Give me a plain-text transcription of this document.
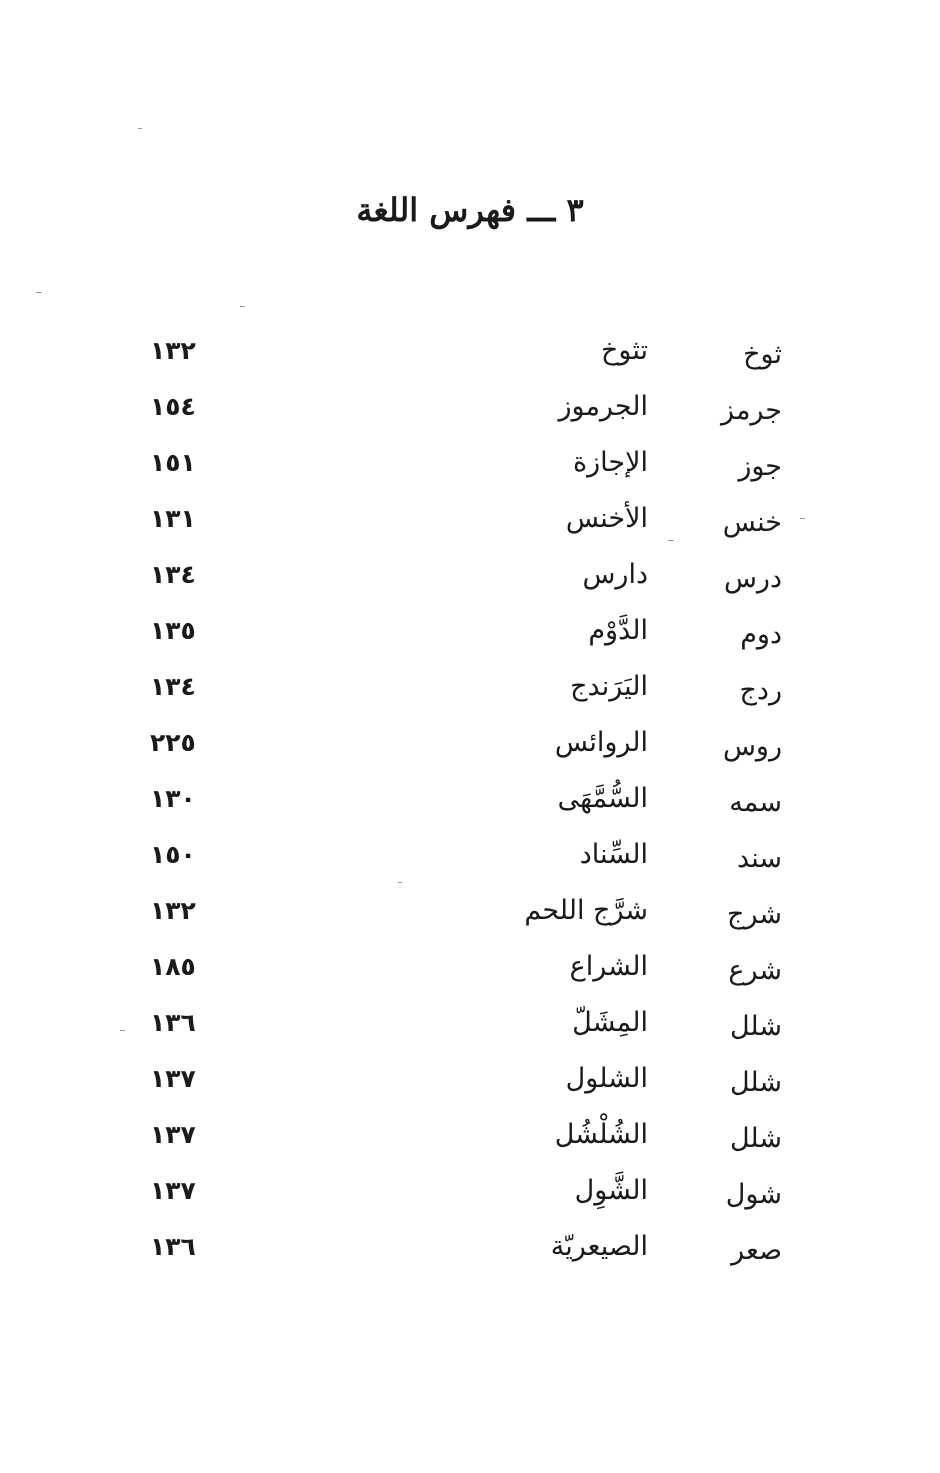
٣ ـــ فهرس اللغة
ثوخ
تثوخ
١٣٢
جرمز
الجرموز
١٥٤
جوز
الإجازة
١٥١
خنس
الأخنس
١٣١
درس
دارس
١٣٤
دوم
الدَّوْم
١٣٥
ردج
اليَرَندج
١٣٤
روس
الروائس
٢٢٥
سمه
السُّمَّهَى
١٣٠
سند
السِّناد
١٥٠
شرج
شرَّج اللحم
١٣٢
شرع
الشراع
١٨٥
شلل
المِشَلّ
١٣٦
شلل
الشلول
١٣٧
شلل
الشُلْشُل
١٣٧
شول
الشَّوِل
١٣٧
صعر
الصيعريّة
١٣٦
